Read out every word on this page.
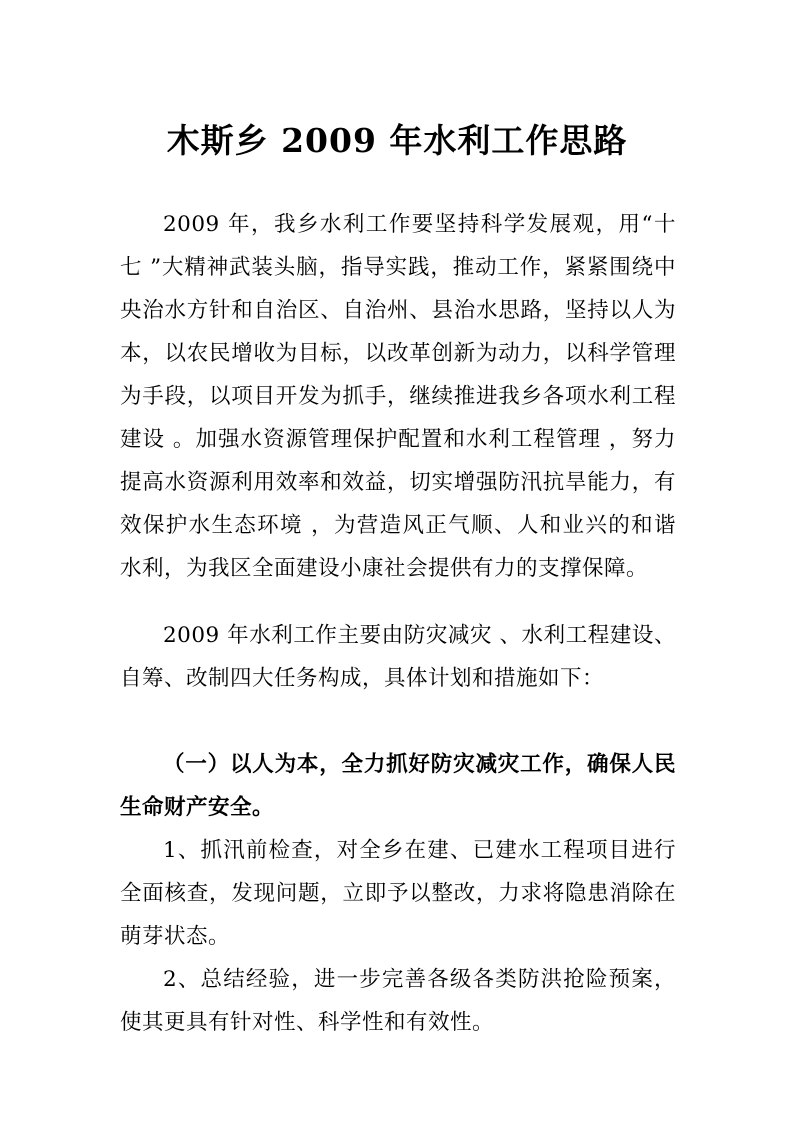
木斯乡 2009 年水利工作思路

2009 年，我乡水利工作要坚持科学发展观，用“十七 ”大精神武装头脑，指导实践，推动工作，紧紧围绕中央治水方针和自治区、自治州、县治水思路，坚持以人为本，以农民增收为目标，以改革创新为动力，以科学管理为手段，以项目开发为抓手，继续推进我乡各项水利工程建设 。加强水资源管理保护配置和水利工程管理 ，努力提高水资源利用效率和效益，切实增强防汛抗旱能力，有效保护水生态环境 ，为营造风正气顺、人和业兴的和谐水利，为我区全面建设小康社会提供有力的支撑保障。

2009 年水利工作主要由防灾减灾 、水利工程建设、自筹、改制四大任务构成，具体计划和措施如下：

（一）以人为本，全力抓好防灾减灾工作，确保人民生命财产安全。

1、抓汛前检查，对全乡在建、已建水工程项目进行全面核查，发现问题，立即予以整改，力求将隐患消除在萌芽状态。

2、总结经验，进一步完善各级各类防洪抢险预案，使其更具有针对性、科学性和有效性。
